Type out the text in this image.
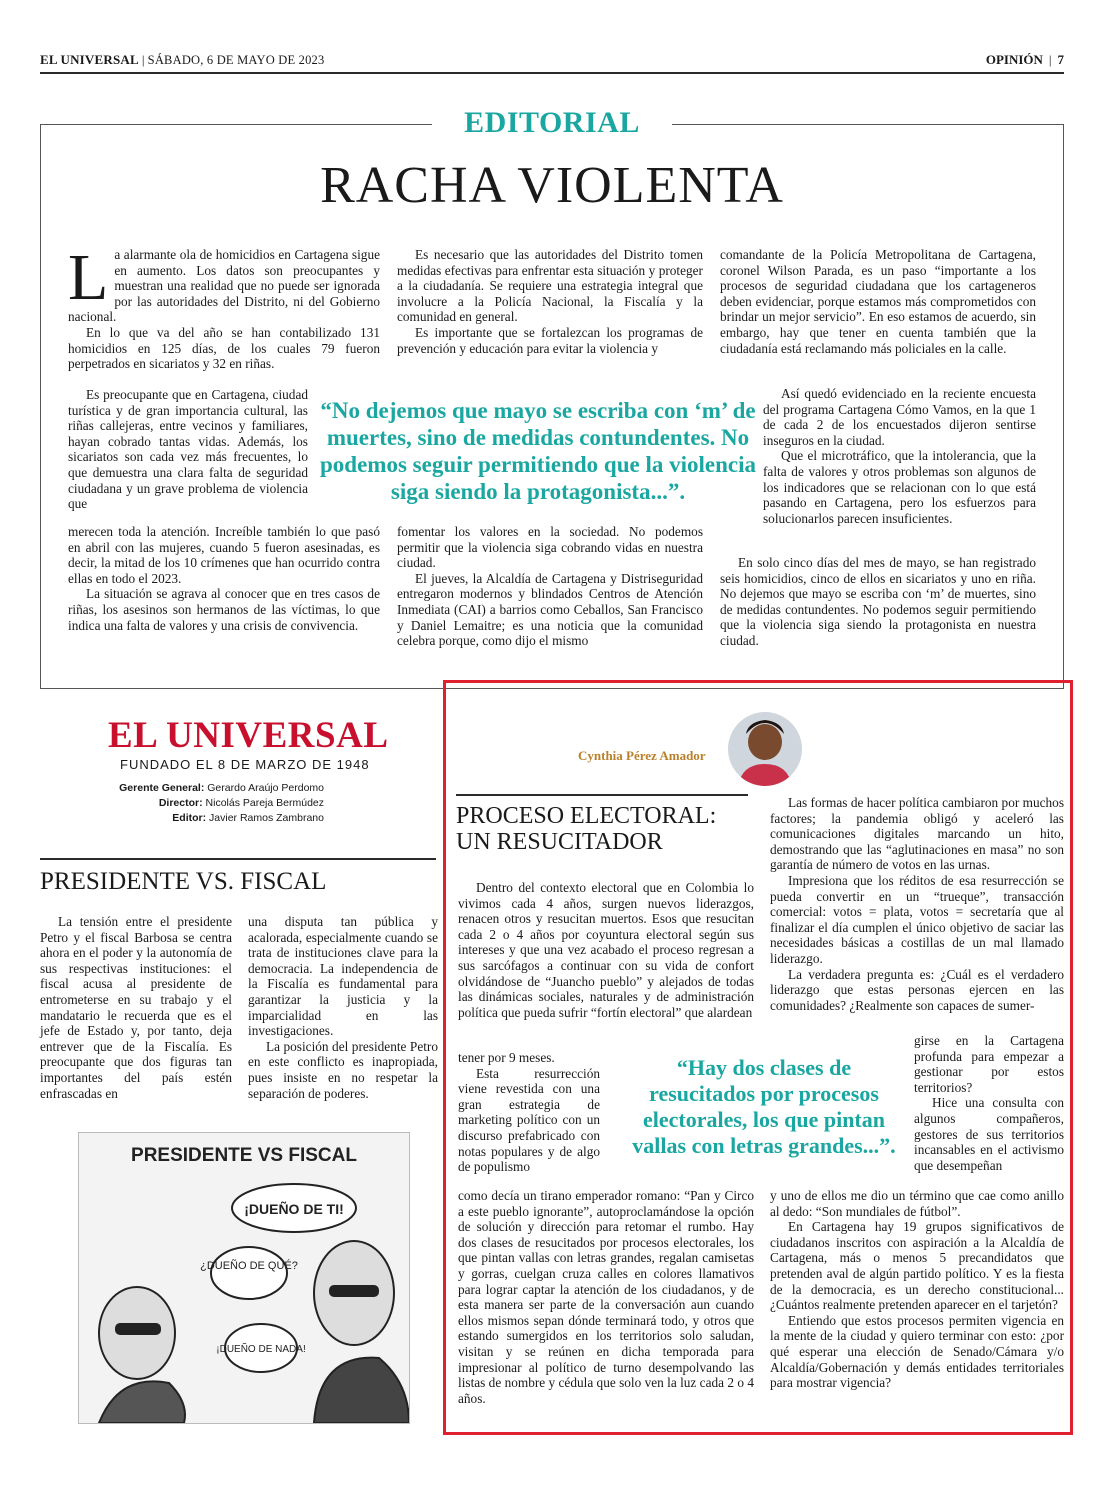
EL UNIVERSAL | SÁBADO, 6 DE MAYO DE 2023	OPINIÓN | 7
EDITORIAL
RACHA VIOLENTA
L a alarmante ola de homicidios en Cartagena sigue en aumento. Los datos son preocupantes y muestran una realidad que no puede ser ignorada por las autoridades del Distrito, ni del Gobierno nacional.

En lo que va del año se han contabilizado 131 homicidios en 125 días, de los cuales 79 fueron perpetrados en sicariatos y 32 en riñas.

Es preocupante que en Cartagena, ciudad turística y de gran importancia cultural, las riñas callejeras, entre vecinos y familiares, hayan cobrado tantas vidas. Además, los sicariatos son cada vez más frecuentes, lo que demuestra una clara falta de seguridad ciudadana y un grave problema de violencia que

merecen toda la atención. Increíble también lo que pasó en abril con las mujeres, cuando 5 fueron asesinadas, es decir, la mitad de los 10 crímenes que han ocurrido contra ellas en todo el 2023.

La situación se agrava al conocer que en tres casos de riñas, los asesinos son hermanos de las víctimas, lo que indica una falta de valores y una crisis de convivencia.

Es necesario que las autoridades del Distrito tomen medidas efectivas para enfrentar esta situación y proteger a la ciudadanía. Se requiere una estrategia integral que involucre a la Policía Nacional, la Fiscalía y la comunidad en general.

Es importante que se fortalezcan los programas de prevención y educación para evitar la violencia y

“No dejemos que mayo se escriba con ‘m’ de muertes, sino de medidas contundentes. No podemos seguir permitiendo que la violencia siga siendo la protagonista...”.

fomentar los valores en la sociedad. No podemos permitir que la violencia siga cobrando vidas en nuestra ciudad.

El jueves, la Alcaldía de Cartagena y Distriseguridad entregaron modernos y blindados Centros de Atención Inmediata (CAI) a barrios como Ceballos, San Francisco y Daniel Lemaitre; es una noticia que la comunidad celebra porque, como dijo el mismo

comandante de la Policía Metropolitana de Cartagena, coronel Wilson Parada, es un paso “importante a los procesos de seguridad ciudadana que los cartageneros deben evidenciar, porque estamos más comprometidos con brindar un mejor servicio”. En eso estamos de acuerdo, sin embargo, hay que tener en cuenta también que la ciudadanía está reclamando más policiales en la calle.

Así quedó evidenciado en la reciente encuesta del programa Cartagena Cómo Vamos, en la que 1 de cada 2 de los encuestados dijeron sentirse inseguros en la ciudad.

Que el microtráfico, que la intolerancia, que la falta de valores y otros problemas son algunos de los indicadores que se relacionan con lo que está pasando en Cartagena, pero los esfuerzos para solucionarlos parecen insuficientes.

En solo cinco días del mes de mayo, se han registrado seis homicidios, cinco de ellos en sicariatos y uno en riña. No dejemos que mayo se escriba con ‘m’ de muertes, sino de medidas contundentes. No podemos seguir permitiendo que la violencia siga siendo la protagonista en nuestra ciudad.

EL UNIVERSAL
FUNDADO EL 8 DE MARZO DE 1948
Gerente General: Gerardo Araújo Perdomo
Director: Nicolás Pareja Bermúdez
Editor: Javier Ramos Zambrano
PRESIDENTE VS. FISCAL

La tensión entre el presidente Petro y el fiscal Barbosa se centra ahora en el poder y la autonomía de sus respectivas instituciones: el fiscal acusa al presidente de entrometerse en su trabajo y el mandatario le recuerda que es el jefe de Estado y, por tanto, deja entrever que de la Fiscalía. Es preocupante que dos figuras tan importantes del país estén enfrascadas en

una disputa tan pública y acalorada, especialmente cuando se trata de instituciones clave para la democracia. La independencia de la Fiscalía es fundamental para garantizar la justicia y la imparcialidad en las investigaciones.

La posición del presidente Petro en este conflicto es inapropiada, pues insiste en no respetar la separación de poderes.

PRESIDENTE VS FISCAL
¡DUEÑO DE TI!
¿DUEÑO DE QUÉ?
¡DUEÑO DE NADA!
Cynthia Pérez Amador
PROCESO ELECTORAL:
UN RESUCITADOR

Dentro del contexto electoral que en Colombia lo vivimos cada 4 años, surgen nuevos liderazgos, renacen otros y resucitan muertos. Esos que resucitan cada 2 o 4 años por coyuntura electoral según sus intereses y que una vez acabado el proceso regresan a sus sarcófagos a continuar con su vida de confort olvidándose de “Juancho pueblo” y alejados de todas las dinámicas sociales, naturales y de administración política que pueda sufrir “fortín electoral” que alardean

tener por 9 meses.

Esta resurrección viene revestida con una gran estrategia de marketing político con un discurso prefabricado con notas populares y de algo de populismo

como decía un tirano emperador romano: “Pan y Circo a este pueblo ignorante”, autoproclamándose la opción de solución y dirección para retomar el rumbo. Hay dos clases de resucitados por procesos electorales, los que pintan vallas con letras grandes, regalan camisetas y gorras, cuelgan cruza calles en colores llamativos para lograr captar la atención de los ciudadanos, y de esta manera ser parte de la conversación aun cuando ellos mismos sepan dónde terminará todo, y otros que estando sumergidos en los territorios solo saludan, visitan y se reúnen en dicha temporada para impresionar al político de turno desempolvando las listas de nombre y cédula que solo ven la luz cada 2 o 4 años.

Las formas de hacer política cambiaron por muchos factores; la pandemia obligó y aceleró las comunicaciones digitales marcando un hito, demostrando que las “aglutinaciones en masa” no son garantía de número de votos en las urnas.

Impresiona que los réditos de esa resurrección se pueda convertir en un “trueque”, transacción comercial: votos = plata, votos = secretaría que al finalizar el día cumplen el único objetivo de saciar las necesidades básicas a costillas de un mal llamado liderazgo.

La verdadera pregunta es: ¿Cuál es el verdadero liderazgo que estas personas ejercen en las comunidades? ¿Realmente son capaces de sumer-

girse en la Cartagena profunda para empezar a gestionar por estos territorios?

Hice una consulta con algunos compañeros, gestores de sus territorios incansables en el activismo que desempeñan

y uno de ellos me dio un término que cae como anillo al dedo: “Son mundiales de fútbol”.

En Cartagena hay 19 grupos significativos de ciudadanos inscritos con aspiración a la Alcaldía de Cartagena, más o menos 5 precandidatos que pretenden aval de algún partido político. Y es la fiesta de la democracia, es un derecho constitucional... ¿Cuántos realmente pretenden aparecer en el tarjetón?

Entiendo que estos procesos permiten vigencia en la mente de la ciudad y quiero terminar con esto: ¿por qué esperar una elección de Senado/Cámara y/o Alcaldía/Gobernación y demás entidades territoriales para mostrar vigencia?

“Hay dos clases de resucitados por procesos electorales, los que pintan vallas con letras grandes...”.
